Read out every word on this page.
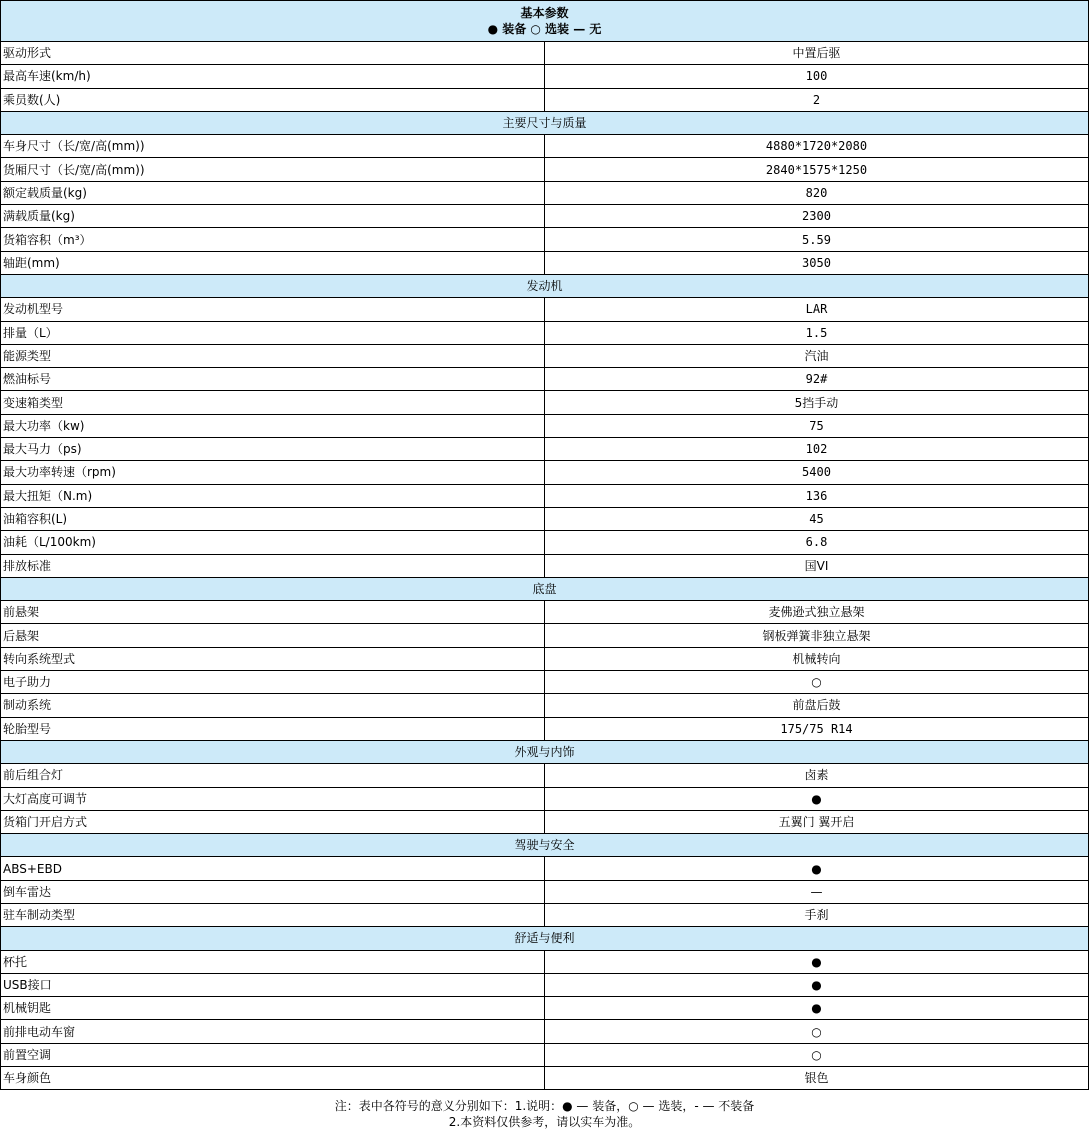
基本参数
● 装备 ○ 选装 — 无	

驱动形式	中置后驱
最高车速(km/h)	100
乘员数(人)	2
主要尺寸与质量	
车身尺寸（长/宽/高(mm))	4880*1720*2080
货厢尺寸（长/宽/高(mm))	2840*1575*1250
额定载质量(kg)	820
满载质量(kg)	2300
货箱容积（m³）	5.59
轴距(mm)	3050
发动机	
发动机型号	LAR
排量（L）	1.5
能源类型	汽油
燃油标号	92#
变速箱类型	5挡手动
最大功率（kw)	75
最大马力（ps)	102
最大功率转速（rpm)	5400
最大扭矩（N.m)	136
油箱容积(L)	45
油耗（L/100km)	6.8
排放标准	国VI
底盘	
前悬架	麦佛逊式独立悬架
后悬架	钢板弹簧非独立悬架
转向系统型式	机械转向
电子助力	○
制动系统	前盘后鼓
轮胎型号	175/75 R14
外观与内饰	
前后组合灯	卤素
大灯高度可调节	●
货箱门开启方式	五翼门 翼开启
驾驶与安全	
ABS+EBD	●
倒车雷达	—
驻车制动类型	手刹
舒适与便利	
杯托	●
USB接口	●
机械钥匙	●
前排电动车窗	○
前置空调	○
车身颜色	银色
注：表中各符号的意义分别如下：1.说明：● — 装备，○ — 选装，- — 不装备
2.本资料仅供参考，请以实车为准。
